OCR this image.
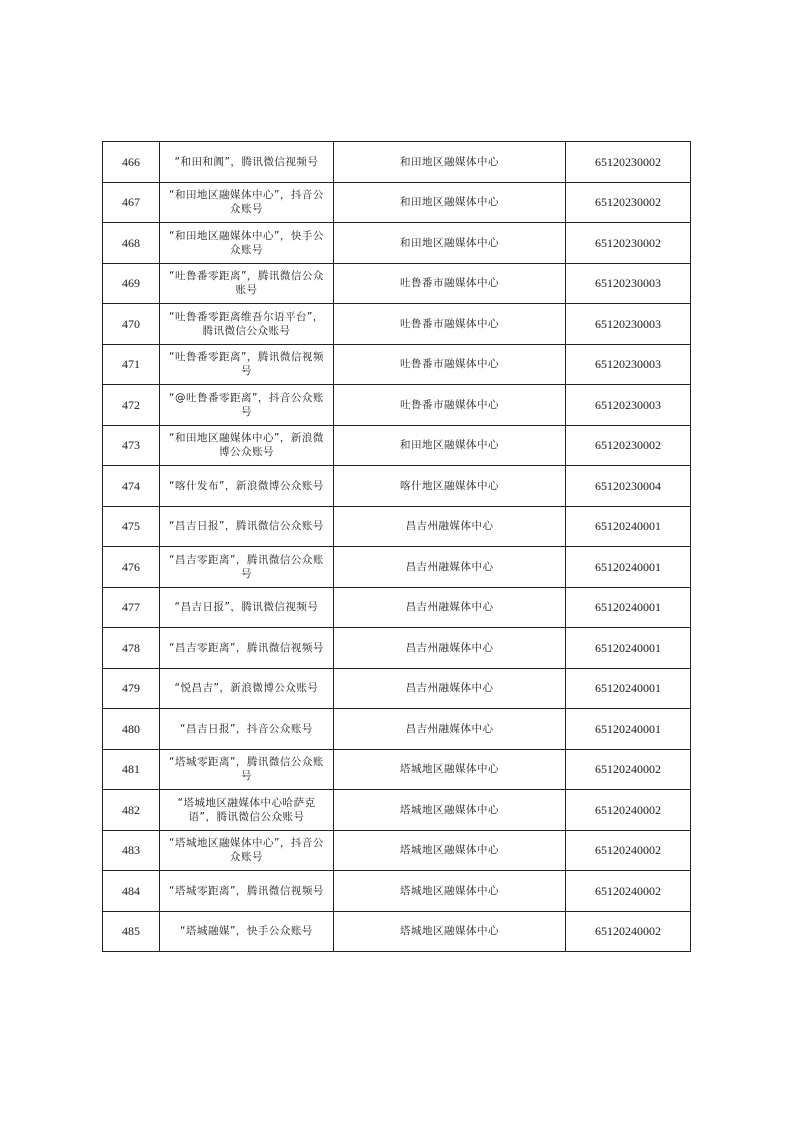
466	“和田和阗”，腾讯微信视频号	和田地区融媒体中心	65120230002
467	“和田地区融媒体中心”，抖音公众账号	和田地区融媒体中心	65120230002
468	“和田地区融媒体中心”，快手公众账号	和田地区融媒体中心	65120230002
469	“吐鲁番零距离”，腾讯微信公众账号	吐鲁番市融媒体中心	65120230003
470	“吐鲁番零距离维吾尔语平台”，腾讯微信公众账号	吐鲁番市融媒体中心	65120230003
471	“吐鲁番零距离”，腾讯微信视频号	吐鲁番市融媒体中心	65120230003
472	“@吐鲁番零距离”，抖音公众账号	吐鲁番市融媒体中心	65120230003
473	“和田地区融媒体中心”，新浪微博公众账号	和田地区融媒体中心	65120230002
474	“喀什发布”，新浪微博公众账号	喀什地区融媒体中心	65120230004
475	“昌吉日报”，腾讯微信公众账号	昌吉州融媒体中心	65120240001
476	“昌吉零距离”，腾讯微信公众账号	昌吉州融媒体中心	65120240001
477	“昌吉日报”，腾讯微信视频号	昌吉州融媒体中心	65120240001
478	“昌吉零距离”，腾讯微信视频号	昌吉州融媒体中心	65120240001
479	“悦昌吉”，新浪微博公众账号	昌吉州融媒体中心	65120240001
480	“昌吉日报”，抖音公众账号	昌吉州融媒体中心	65120240001
481	“塔城零距离”，腾讯微信公众账号	塔城地区融媒体中心	65120240002
482	“塔城地区融媒体中心哈萨克语”，腾讯微信公众账号	塔城地区融媒体中心	65120240002
483	“塔城地区融媒体中心”，抖音公众账号	塔城地区融媒体中心	65120240002
484	“塔城零距离”，腾讯微信视频号	塔城地区融媒体中心	65120240002
485	“塔城融媒”，快手公众账号	塔城地区融媒体中心	65120240002
